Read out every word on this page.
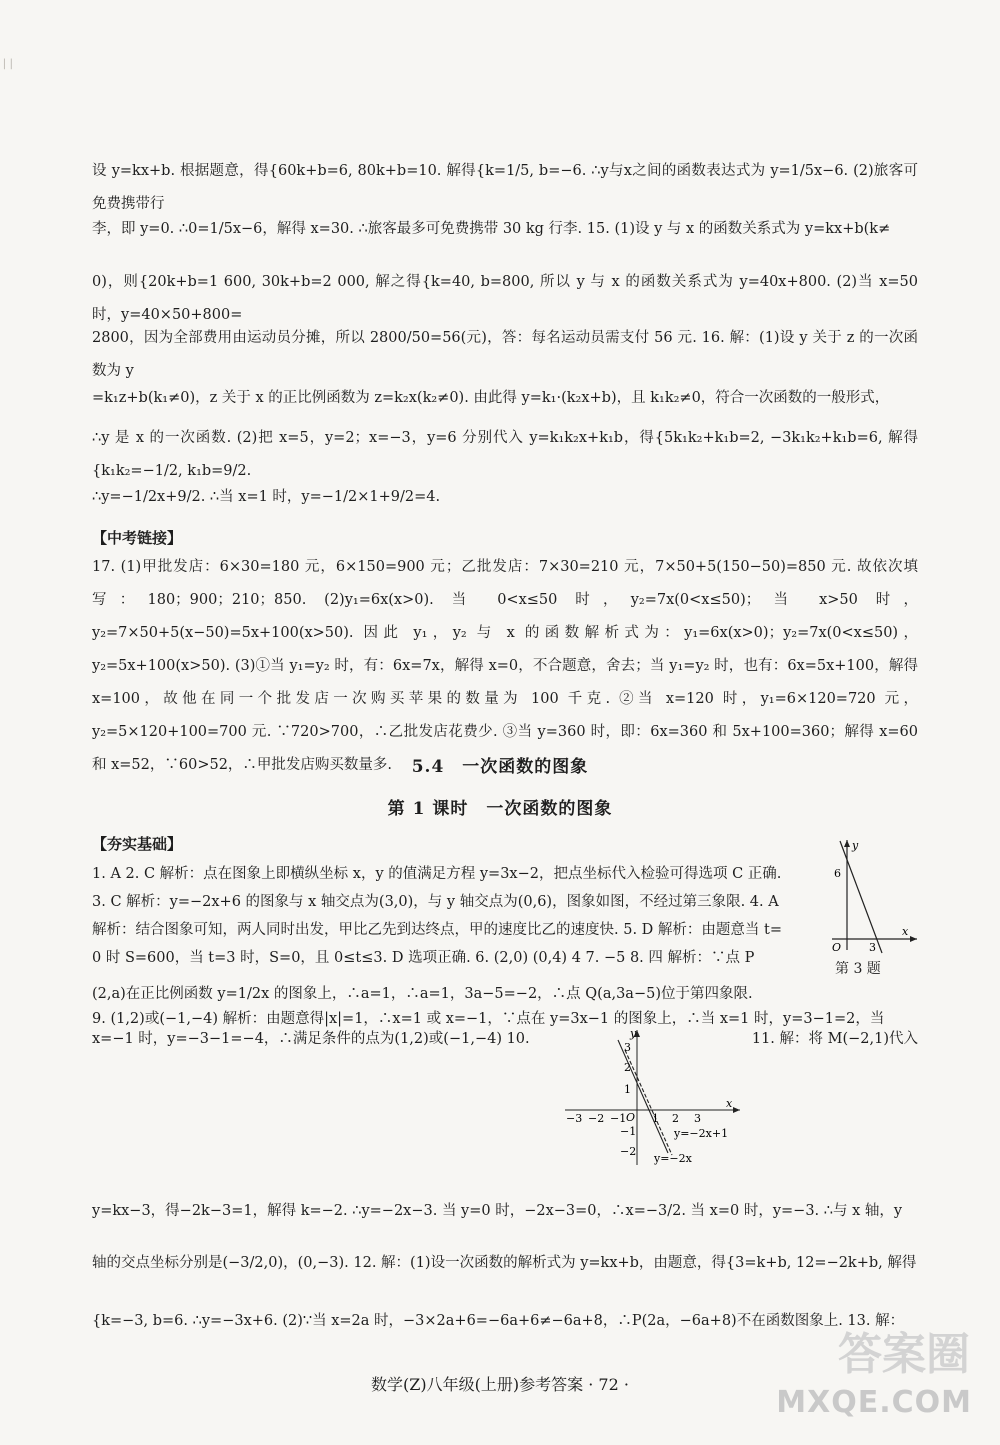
▏▏
设 y=kx+b. 根据题意，得{60k+b=6, 80k+b=10. 解得{k=1/5, b=−6. ∴y与x之间的函数表达式为 y=1/5x−6. (2)旅客可免费携带行
李，即 y=0. ∴0=1/5x−6，解得 x=30. ∴旅客最多可免费携带 30 kg 行李. 15. (1)设 y 与 x 的函数关系式为 y=kx+b(k≠
0)，则{20k+b=1 600, 30k+b=2 000, 解之得{k=40, b=800, 所以 y 与 x 的函数关系式为 y=40x+800. (2)当 x=50 时，y=40×50+800=
2800，因为全部费用由运动员分摊，所以 2800/50=56(元)，答：每名运动员需支付 56 元. 16. 解：(1)设 y 关于 z 的一次函数为 y
=k₁z+b(k₁≠0)，z 关于 x 的正比例函数为 z=k₂x(k₂≠0). 由此得 y=k₁·(k₂x+b)，且 k₁k₂≠0，符合一次函数的一般形式，
∴y 是 x 的一次函数. (2)把 x=5，y=2；x=−3，y=6 分别代入 y=k₁k₂x+k₁b，得{5k₁k₂+k₁b=2, −3k₁k₂+k₁b=6, 解得{k₁k₂=−1/2, k₁b=9/2.
∴y=−1/2x+9/2. ∴当 x=1 时，y=−1/2×1+9/2=4.
【中考链接】
17. (1)甲批发店：6×30=180 元，6×150=900 元；乙批发店：7×30=210 元，7×50+5(150−50)=850 元. 故依次填写：180；900；210；850. (2)y₁=6x(x>0). 当 0<x≤50 时，y₂=7x(0<x≤50)；当 x>50 时，y₂=7×50+5(x−50)=5x+100(x>50). 因此 y₁，y₂ 与 x 的函数解析式为：y₁=6x(x>0)；y₂=7x(0<x≤50)，y₂=5x+100(x>50). (3)①当 y₁=y₂ 时，有：6x=7x，解得 x=0，不合题意，舍去；当 y₁=y₂ 时，也有：6x=5x+100，解得 x=100，故他在同一个批发店一次购买苹果的数量为 100 千克. ②当 x=120 时，y₁=6×120=720 元，y₂=5×120+100=700 元. ∵720>700，∴乙批发店花费少. ③当 y=360 时，即：6x=360 和 5x+100=360；解得 x=60 和 x=52，∵60>52，∴甲批发店购买数量多.	5.4　一次函数的图象
第 1 课时　一次函数的图象
【夯实基础】
1. A 2. C 解析：点在图象上即横纵坐标 x，y 的值满足方程 y=3x−2，把点坐标代入检验可得选项 C 正确.
3. C 解析：y=−2x+6 的图象与 x 轴交点为(3,0)，与 y 轴交点为(0,6)，图象如图，不经过第三象限. 4. A
解析：结合图象可知，两人同时出发，甲比乙先到达终点，甲的速度比乙的速度快. 5. D 解析：由题意当 t=
0 时 S=600，当 t=3 时，S=0，且 0≤t≤3. D 选项正确. 6. (2,0) (0,4) 4 7. −5 8. 四 解析：∵点 P
(2,a)在正比例函数 y=1/2x 的图象上，∴a=1，∴a=1，3a−5=−2，∴点 Q(a,3a−5)位于第四象限.
y
x
O
6
3
第 3 题
9. (1,2)或(−1,−4) 解析：由题意得|x|=1，∴x=1 或 x=−1，∵点在 y=3x−1 的图象上，∴当 x=1 时，y=3−1=2，当
x=−1 时，y=−3−1=−4，∴满足条件的点为(1,2)或(−1,−4) 10.	11. 解：将 M(−2,1)代入
y
x
O
−3 −2 −1 1 2 3
3
2
1
−1
−2
y=−2x+1
y=−2x
y=kx−3，得−2k−3=1，解得 k=−2. ∴y=−2x−3. 当 y=0 时，−2x−3=0，∴x=−3/2. 当 x=0 时，y=−3. ∴与 x 轴，y
轴的交点坐标分别是(−3/2,0)，(0,−3). 12. 解：(1)设一次函数的解析式为 y=kx+b，由题意，得{3=k+b, 12=−2k+b, 解得
{k=−3, b=6. ∴y=−3x+6. (2)∵当 x=2a 时，−3×2a+6=−6a+6≠−6a+8，∴P(2a，−6a+8)不在函数图象上. 13. 解：
数学(Z)八年级(上册)参考答案 · 72 ·
答案圈
MXQE.COM
